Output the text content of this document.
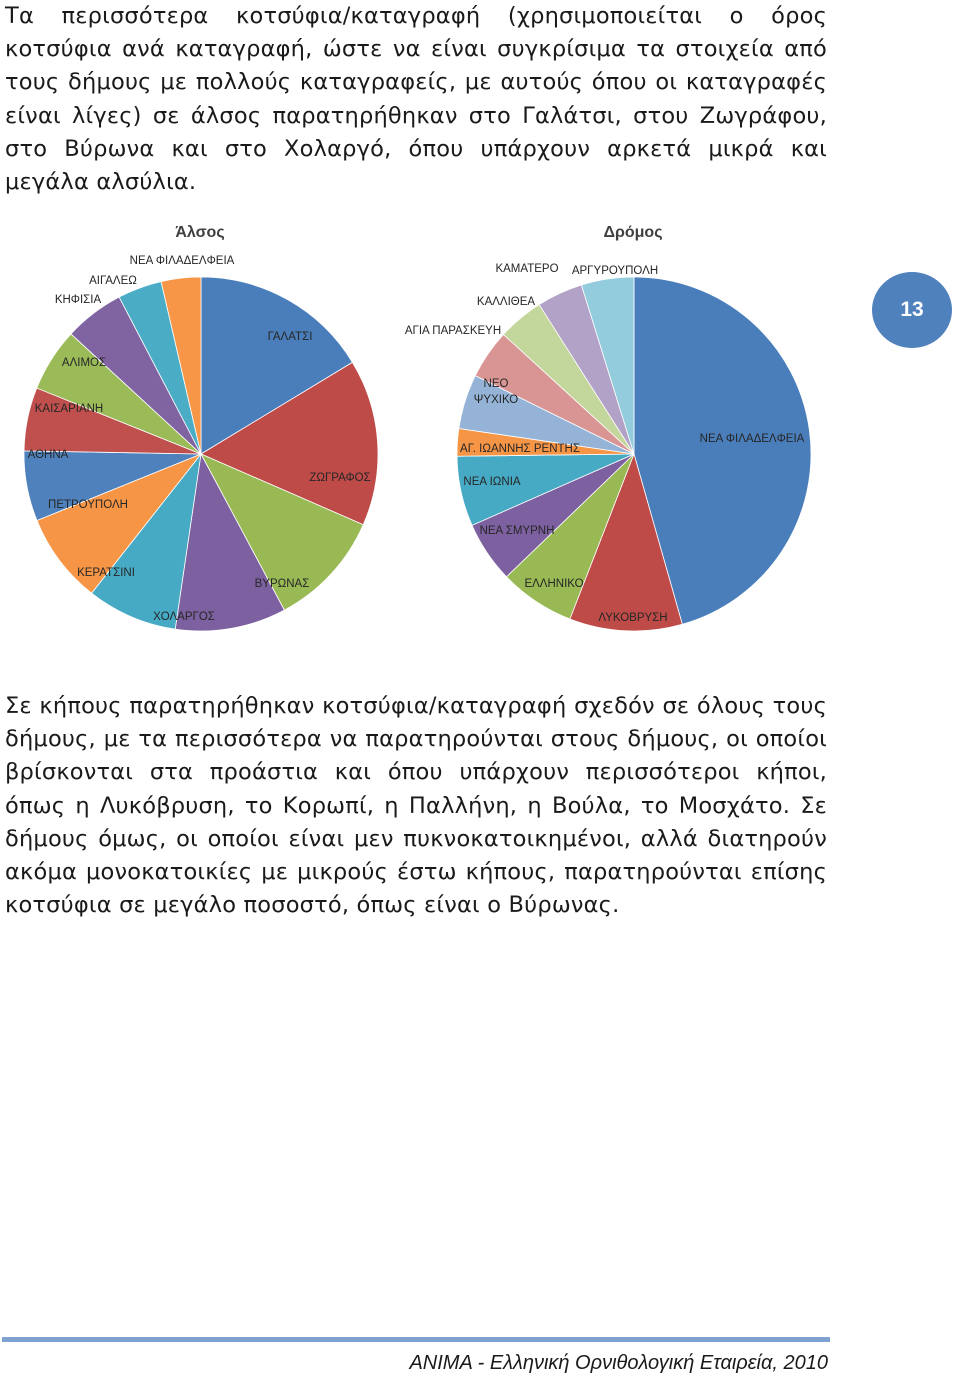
Τα περισσότερα κοτσύφια/καταγραφή (χρησιμοποιείται ο όρος κοτσύφια ανά καταγραφή, ώστε να είναι συγκρίσιμα τα στοιχεία από τους δήμους με πολλούς καταγραφείς, με αυτούς όπου οι καταγραφές είναι λίγες) σε άλσος παρατηρήθηκαν στο Γαλάτσι, στου Ζωγράφου, στο Βύρωνα και στο Χολαργό, όπου υπάρχουν αρκετά μικρά και μεγάλα αλσύλια.

Άλσος
ΓΑΛΑΤΣΙ
ΖΩΓΡΑΦΟΣ
ΒΥΡΩΝΑΣ
ΧΟΛΑΡΓΟΣ
ΚΕΡΑΤΣΙΝΙ
ΠΕΤΡΟΥΠΟΛΗ
ΑΘΗΝΑ
ΚΑΙΣΑΡΙΑΝΗ
ΑΛΙΜΟΣ
ΚΗΦΙΣΙΑ
ΑΙΓΑΛΕΩ
ΝΕΑ ΦΙΛΑΔΕΛΦΕΙΑ
Δρόμος
ΝΕΑ ΦΙΛΑΔΕΛΦΕΙΑ
ΛΥΚΟΒΡΥΣΗ
ΕΛΛΗΝΙΚΟ
ΝΕΑ ΣΜΥΡΝΗ
ΝΕΑ ΙΩΝΙΑ
ΑΓ. ΙΩΑΝΝΗΣ ΡΕΝΤΗΣ
ΝΕΟ ΨΥΧΙΚΟ
ΑΓΙΑ ΠΑΡΑΣΚΕΥΗ
ΚΑΛΛΙΘΕΑ
ΚΑΜΑΤΕΡΟ ΑΡΓΥΡΟΥΠΟΛΗ
13

Σε κήπους παρατηρήθηκαν κοτσύφια/καταγραφή σχεδόν σε όλους τους δήμους, με τα περισσότερα να παρατηρούνται στους δήμους, οι οποίοι βρίσκονται στα προάστια και όπου υπάρχουν περισσότεροι κήποι, όπως η Λυκόβρυση, το Κορωπί, η Παλλήνη, η Βούλα, το Μοσχάτο. Σε δήμους όμως, οι οποίοι είναι μεν πυκνοκατοικημένοι, αλλά διατηρούν ακόμα μονοκατοικίες με μικρούς έστω κήπους, παρατηρούνται επίσης κοτσύφια σε μεγάλο ποσοστό, όπως είναι ο Βύρωνας.

ANIMA - Ελληνική Ορνιθολογική Εταιρεία, 2010
